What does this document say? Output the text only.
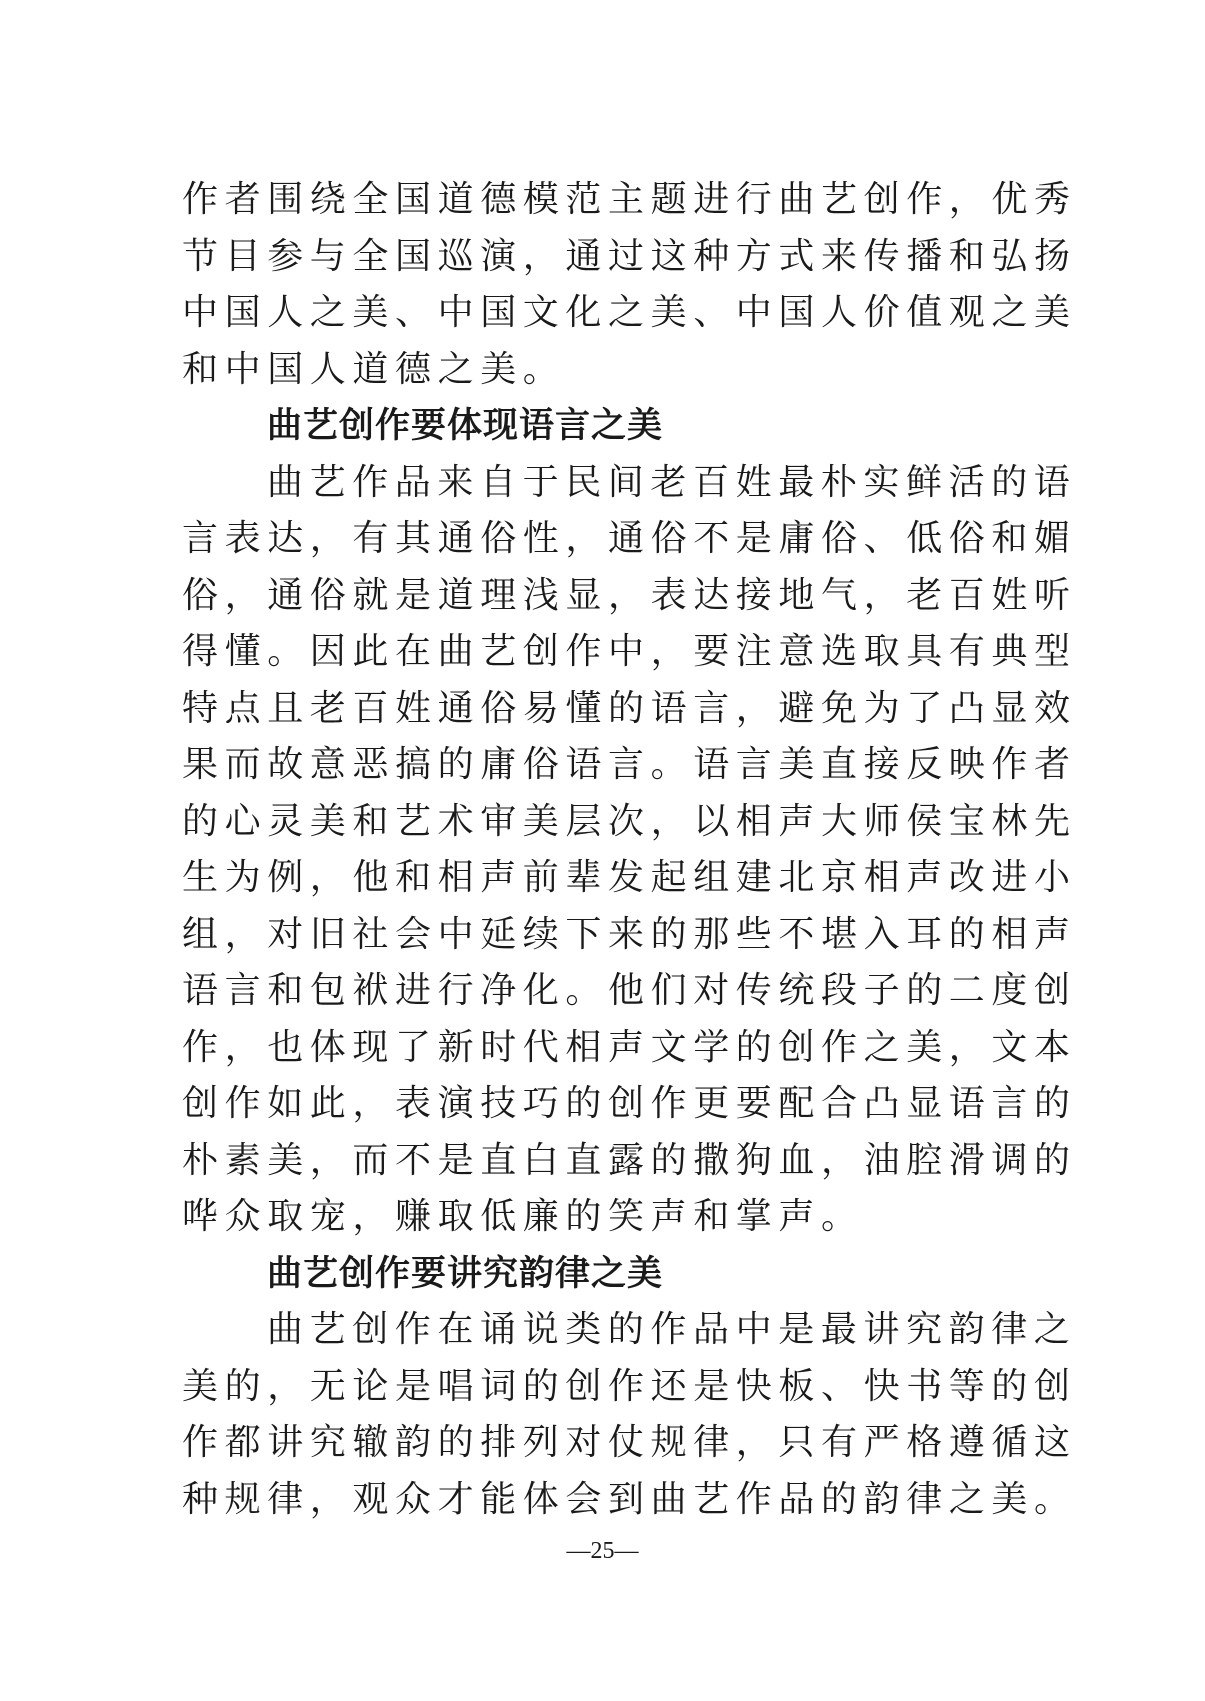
作者围绕全国道德模范主题进行曲艺创作，优秀
节目参与全国巡演，通过这种方式来传播和弘扬
中国人之美、中国文化之美、中国人价值观之美
和中国人道德之美。
曲艺创作要体现语言之美
曲艺作品来自于民间老百姓最朴实鲜活的语
言表达，有其通俗性，通俗不是庸俗、低俗和媚
俗，通俗就是道理浅显，表达接地气，老百姓听
得懂。因此在曲艺创作中，要注意选取具有典型
特点且老百姓通俗易懂的语言，避免为了凸显效
果而故意恶搞的庸俗语言。语言美直接反映作者
的心灵美和艺术审美层次，以相声大师侯宝林先
生为例，他和相声前辈发起组建北京相声改进小
组，对旧社会中延续下来的那些不堪入耳的相声
语言和包袱进行净化。他们对传统段子的二度创
作，也体现了新时代相声文学的创作之美，文本
创作如此，表演技巧的创作更要配合凸显语言的
朴素美，而不是直白直露的撒狗血，油腔滑调的
哗众取宠，赚取低廉的笑声和掌声。
曲艺创作要讲究韵律之美
曲艺创作在诵说类的作品中是最讲究韵律之
美的，无论是唱词的创作还是快板、快书等的创
作都讲究辙韵的排列对仗规律，只有严格遵循这
种规律，观众才能体会到曲艺作品的韵律之美。
—25—
